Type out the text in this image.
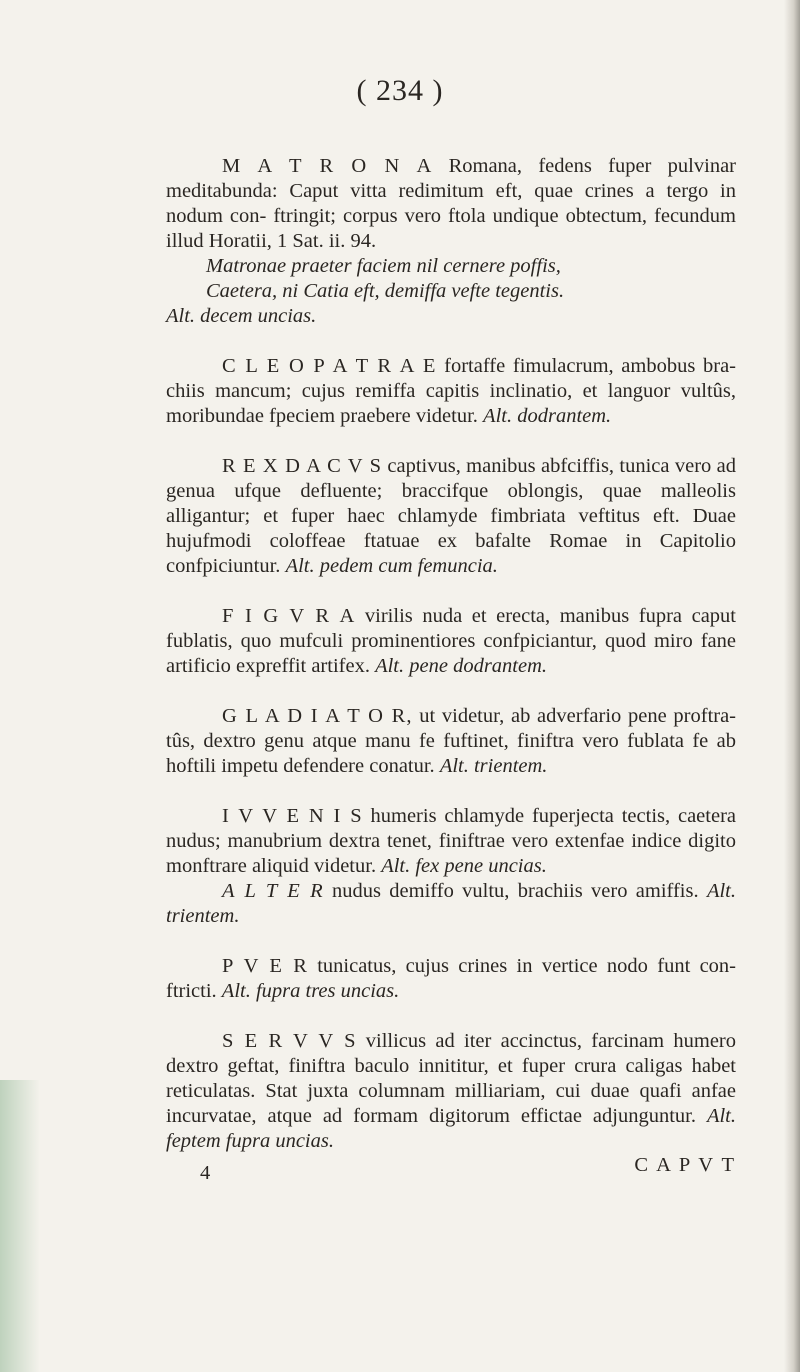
( 234 )

M A T R O N A Romana, fedens fuper pulvinar meditabunda: Caput vitta redimitum eft, quae crines a tergo in nodum con- ftringit; corpus vero ftola undique obtectum, fecundum illud Horatii, 1 Sat. ii. 94.

Matronae praeter faciem nil cernere poffis,
Caetera, ni Catia eft, demiffa vefte tegentis.
Alt. decem uncias.

C L E O P A T R A E fortaffe fimulacrum, ambobus bra- chiis mancum; cujus remiffa capitis inclinatio, et languor vultûs, moribundae fpeciem praebere videtur. Alt. dodrantem.

R E X D A C V S captivus, manibus abfciffis, tunica vero ad genua ufque defluente; braccifque oblongis, quae malleolis alligantur; et fuper haec chlamyde fimbriata veftitus eft. Duae hujufmodi coloffeae ftatuae ex bafalte Romae in Capitolio confpiciuntur. Alt. pedem cum femuncia.

F I G V R A virilis nuda et erecta, manibus fupra caput fublatis, quo mufculi prominentiores confpiciantur, quod miro fane artificio expreffit artifex. Alt. pene dodrantem.

G L A D I A T O R, ut videtur, ab adverfario pene proftra- tûs, dextro genu atque manu fe fuftinet, finiftra vero fublata fe ab hoftili impetu defendere conatur. Alt. trientem.

I V V E N I S humeris chlamyde fuperjecta tectis, caetera nudus; manubrium dextra tenet, finiftrae vero extenfae indice digito monftrare aliquid videtur. Alt. fex pene uncias.

A L T E R nudus demiffo vultu, brachiis vero amiffis. Alt. trientem.

P V E R tunicatus, cujus crines in vertice nodo funt con- ftricti. Alt. fupra tres uncias.

S E R V V S villicus ad iter accinctus, farcinam humero dextro geftat, finiftra baculo innititur, et fuper crura caligas habet reticulatas. Stat juxta columnam milliariam, cui duae quafi anfae incurvatae, atque ad formam digitorum effictae adjunguntur. Alt. feptem fupra uncias.

4	C A P V T
